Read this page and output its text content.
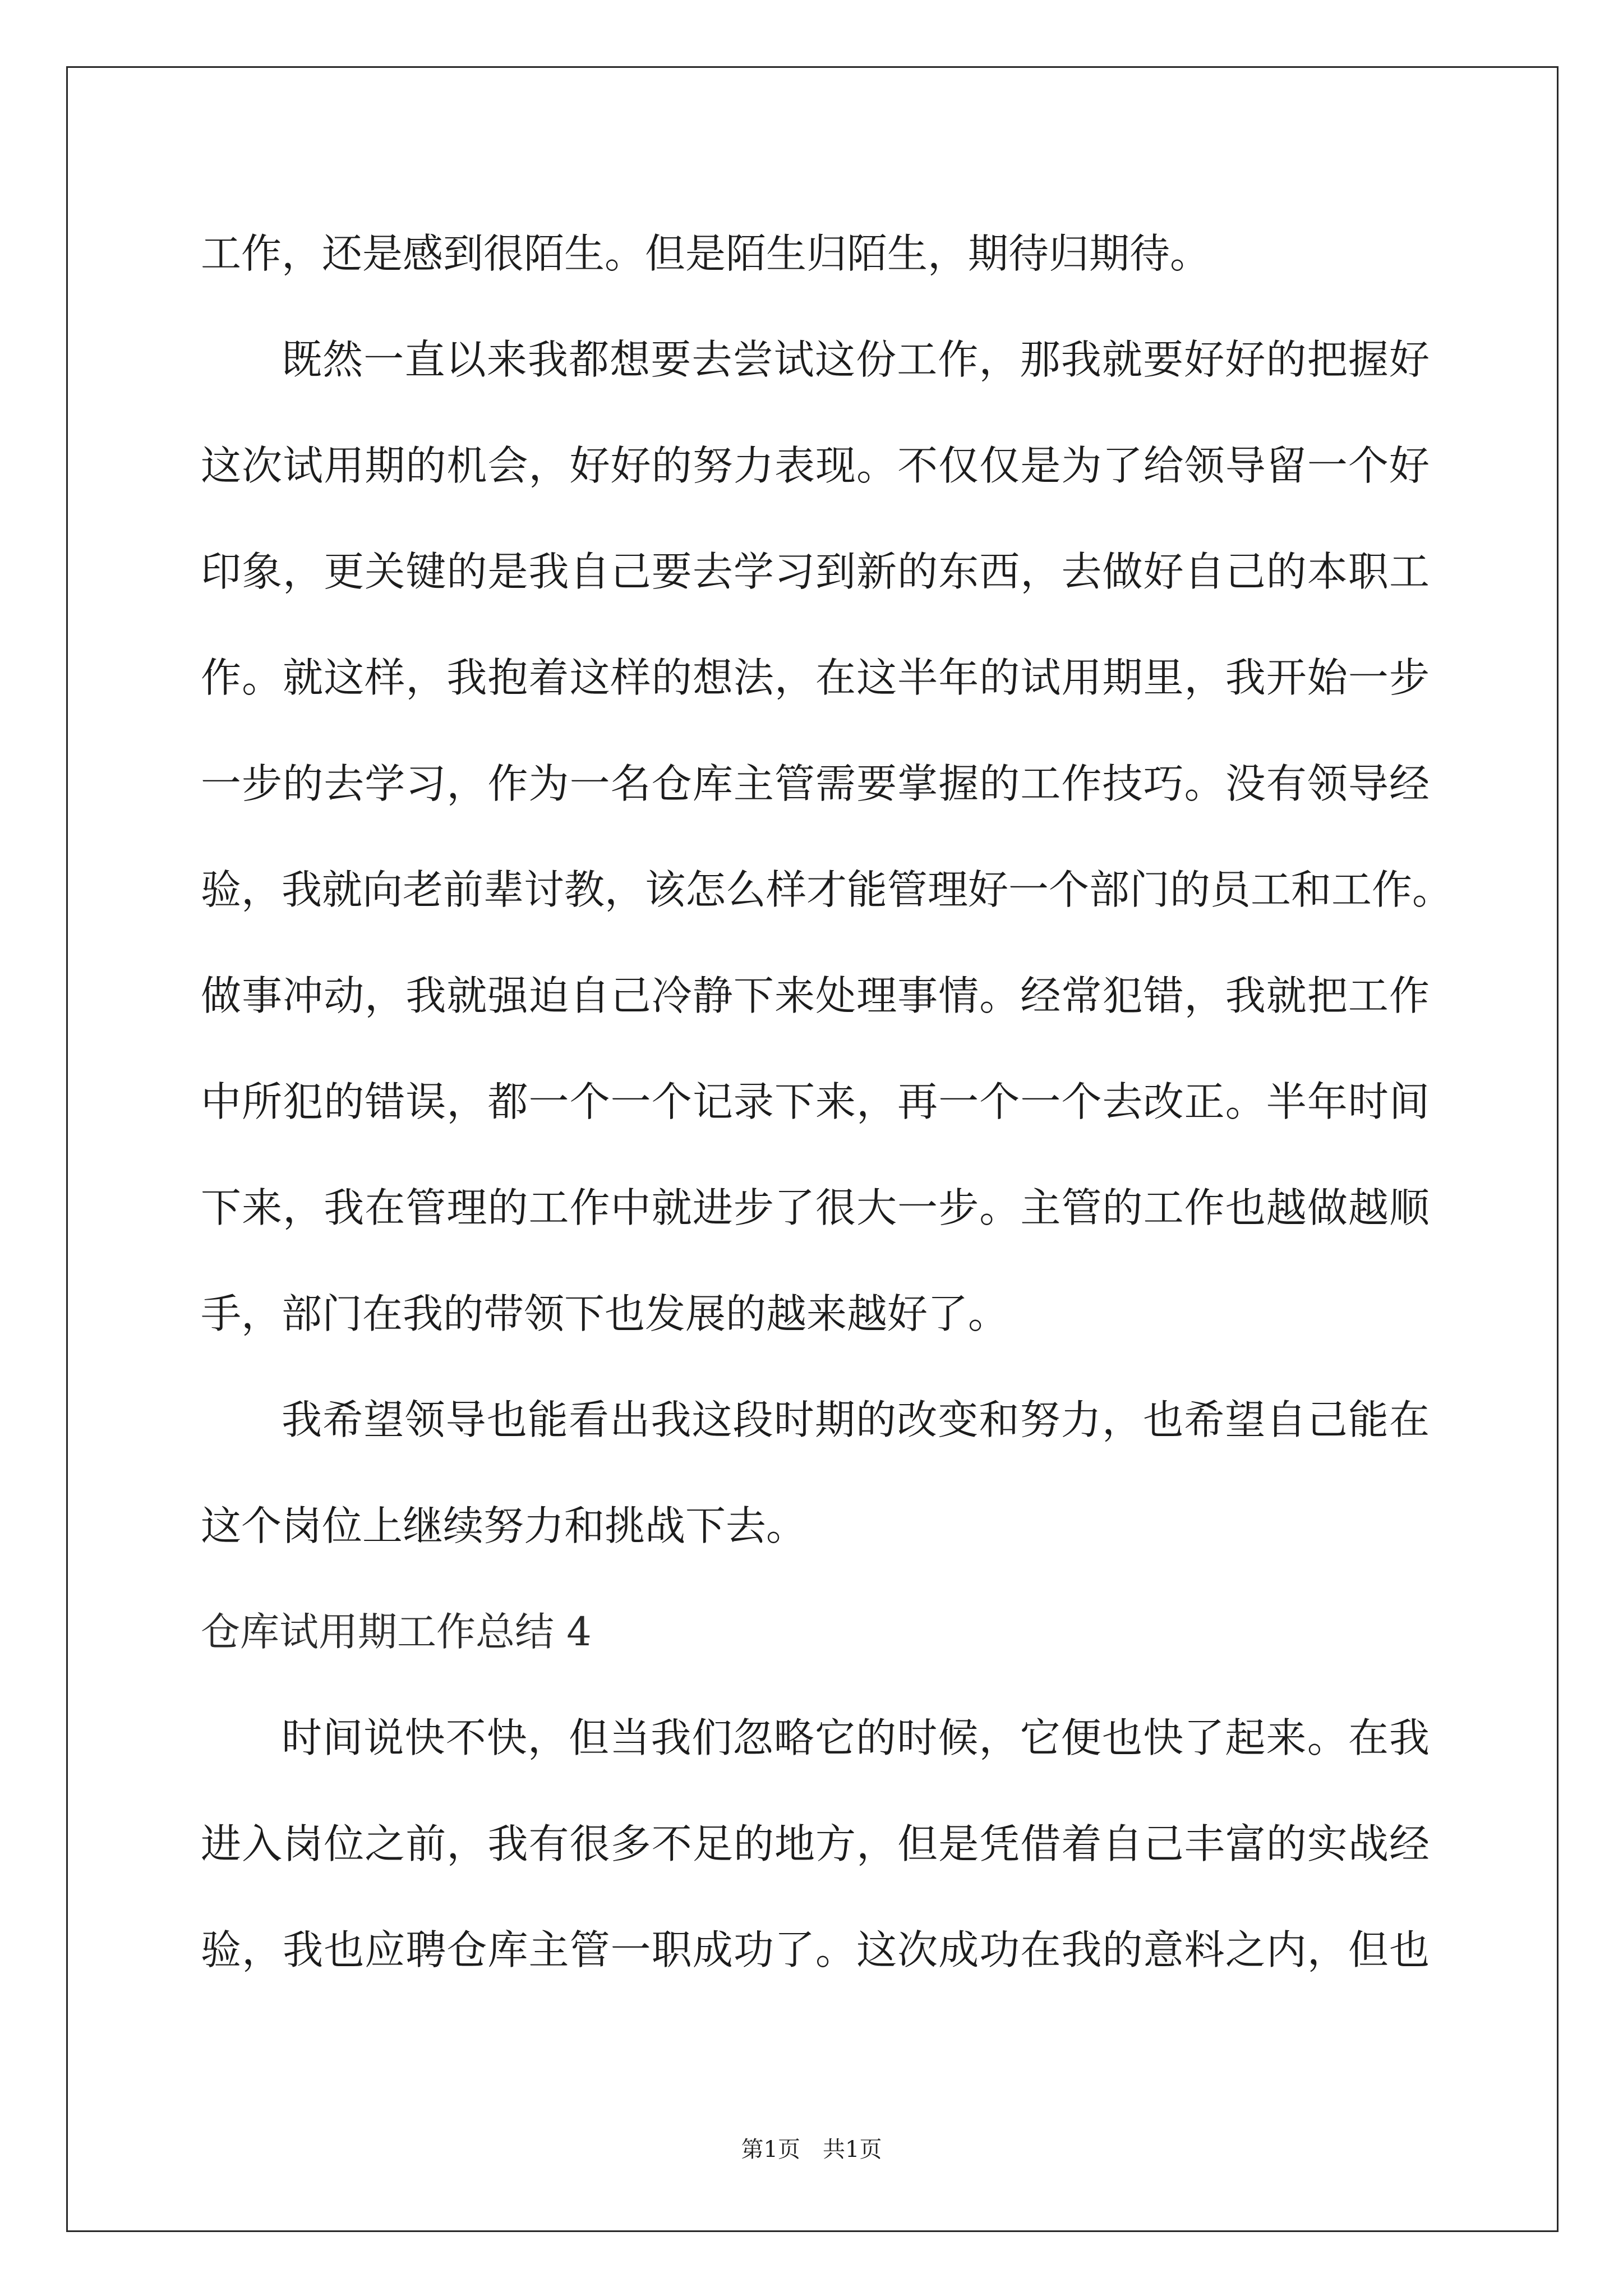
工作，还是感到很陌生。但是陌生归陌生，期待归期待。
既然一直以来我都想要去尝试这份工作，那我就要好好的把握好
这次试用期的机会，好好的努力表现。不仅仅是为了给领导留一个好
印象，更关键的是我自己要去学习到新的东西，去做好自己的本职工
作。就这样，我抱着这样的想法，在这半年的试用期里，我开始一步
一步的去学习，作为一名仓库主管需要掌握的工作技巧。没有领导经
验，我就向老前辈讨教，该怎么样才能管理好一个部门的员工和工作。
做事冲动，我就强迫自己冷静下来处理事情。经常犯错，我就把工作
中所犯的错误，都一个一个记录下来，再一个一个去改正。半年时间
下来，我在管理的工作中就进步了很大一步。主管的工作也越做越顺
手，部门在我的带领下也发展的越来越好了。
我希望领导也能看出我这段时期的改变和努力，也希望自己能在
这个岗位上继续努力和挑战下去。
仓库试用期工作总结 4
时间说快不快，但当我们忽略它的时候，它便也快了起来。在我
进入岗位之前，我有很多不足的地方，但是凭借着自己丰富的实战经
验，我也应聘仓库主管一职成功了。这次成功在我的意料之内，但也
第1页　共1页
